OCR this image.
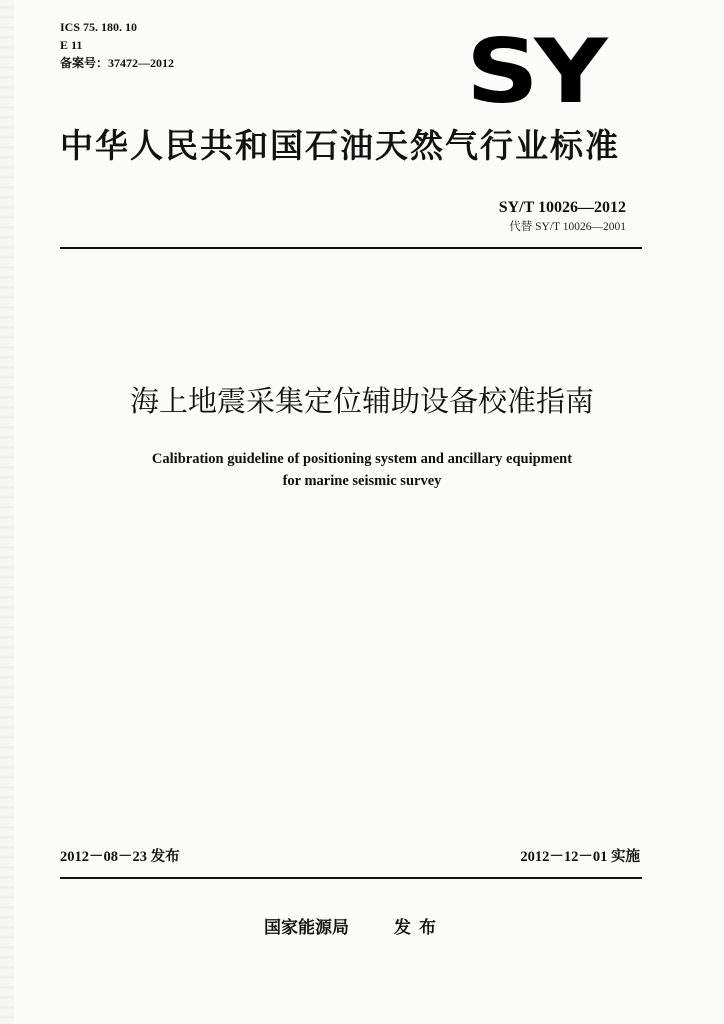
ICS 75. 180. 10
E 11
备案号：37472—2012	SY
中华人民共和国石油天然气行业标准
SY/T 10026—2012
代替 SY/T 10026—2001
海上地震采集定位辅助设备校准指南
Calibration guideline of positioning system and ancillary equipment
for marine seismic survey
2012－08－23 发布	2012－12－01 实施
国家能源局	发布
